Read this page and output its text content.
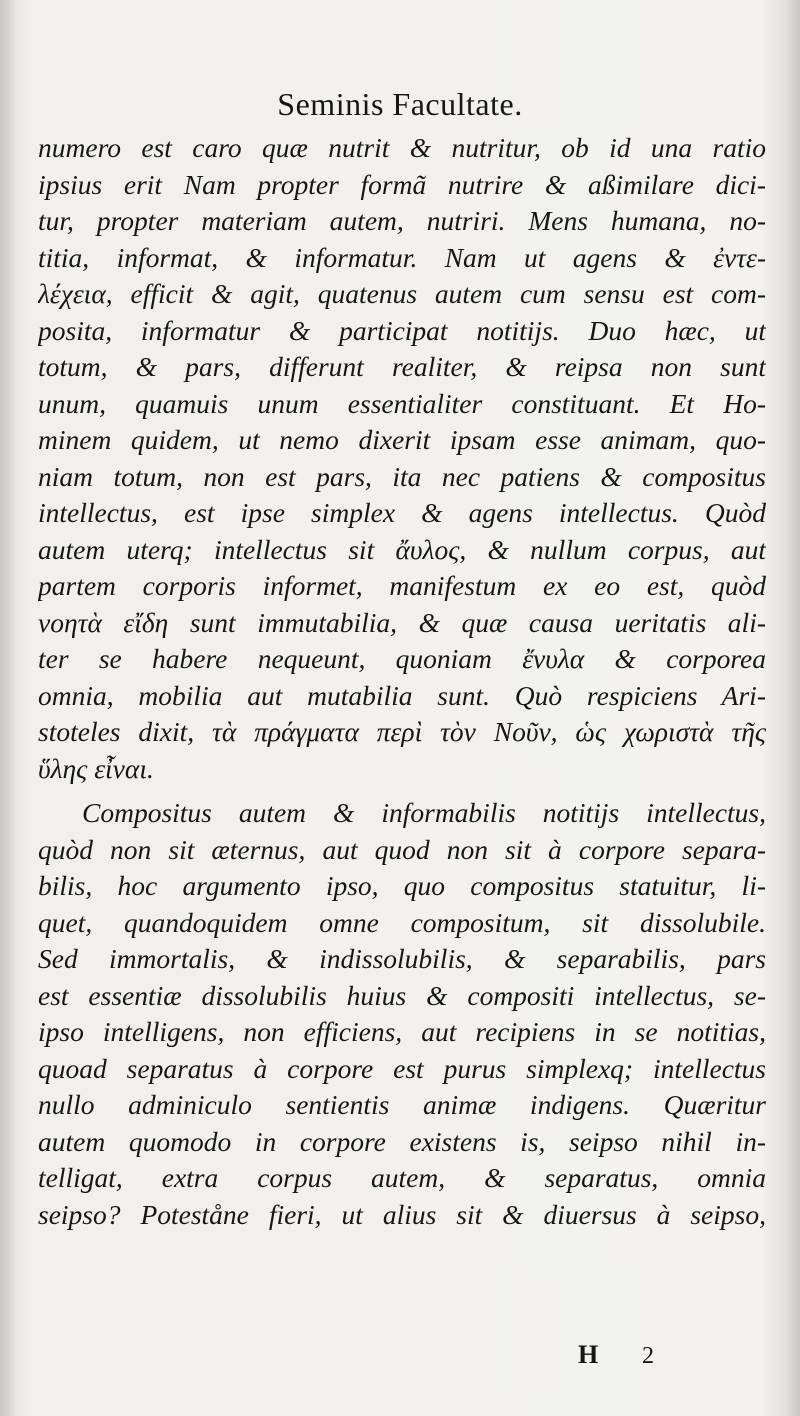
Seminis Facultate.
numero est caro quæ nutrit & nutritur, ob id una ratio
ipsius erit Nam propter formã nutrire & aßimilare dici-
tur, propter materiam autem, nutriri. Mens humana, no-
titia, informat, & informatur. Nam ut agens & ἐντε-
λέχεια, efficit & agit, quatenus autem cum sensu est com-
posita, informatur & participat notitijs. Duo hæc, ut
totum, & pars, differunt realiter, & reipsa non sunt
unum, quamuis unum essentialiter constituant. Et Ho-
minem quidem, ut nemo dixerit ipsam esse animam, quo-
niam totum, non est pars, ita nec patiens & compositus
intellectus, est ipse simplex & agens intellectus. Quòd
autem uterq; intellectus sit ἄυλος, & nullum corpus, aut
partem corporis informet, manifestum ex eo est, quòd
νοητὰ εἴδη sunt immutabilia, & quæ causa ueritatis ali-
ter se habere nequeunt, quoniam ἔνυλα & corporea
omnia, mobilia aut mutabilia sunt. Quò respiciens Ari-
stoteles dixit, τὰ πράγματα περὶ τὸν Νοῦν, ὡς χωριστὰ τῆς
ὕλης εἶναι.
Compositus autem & informabilis notitijs intellectus,
quòd non sit æternus, aut quod non sit à corpore separa-
bilis, hoc argumento ipso, quo compositus statuitur, li-
quet, quandoquidem omne compositum, sit dissolubile.
Sed immortalis, & indissolubilis, & separabilis, pars
est essentiæ dissolubilis huius & compositi intellectus, se-
ipso intelligens, non efficiens, aut recipiens in se notitias,
quoad separatus à corpore est purus simplexq; intellectus
nullo adminiculo sentientis animæ indigens. Quæritur
autem quomodo in corpore existens is, seipso nihil in-
telligat, extra corpus autem, & separatus, omnia
seipso? Poteståne fieri, ut alius sit & diuersus à seipso,
H 2
